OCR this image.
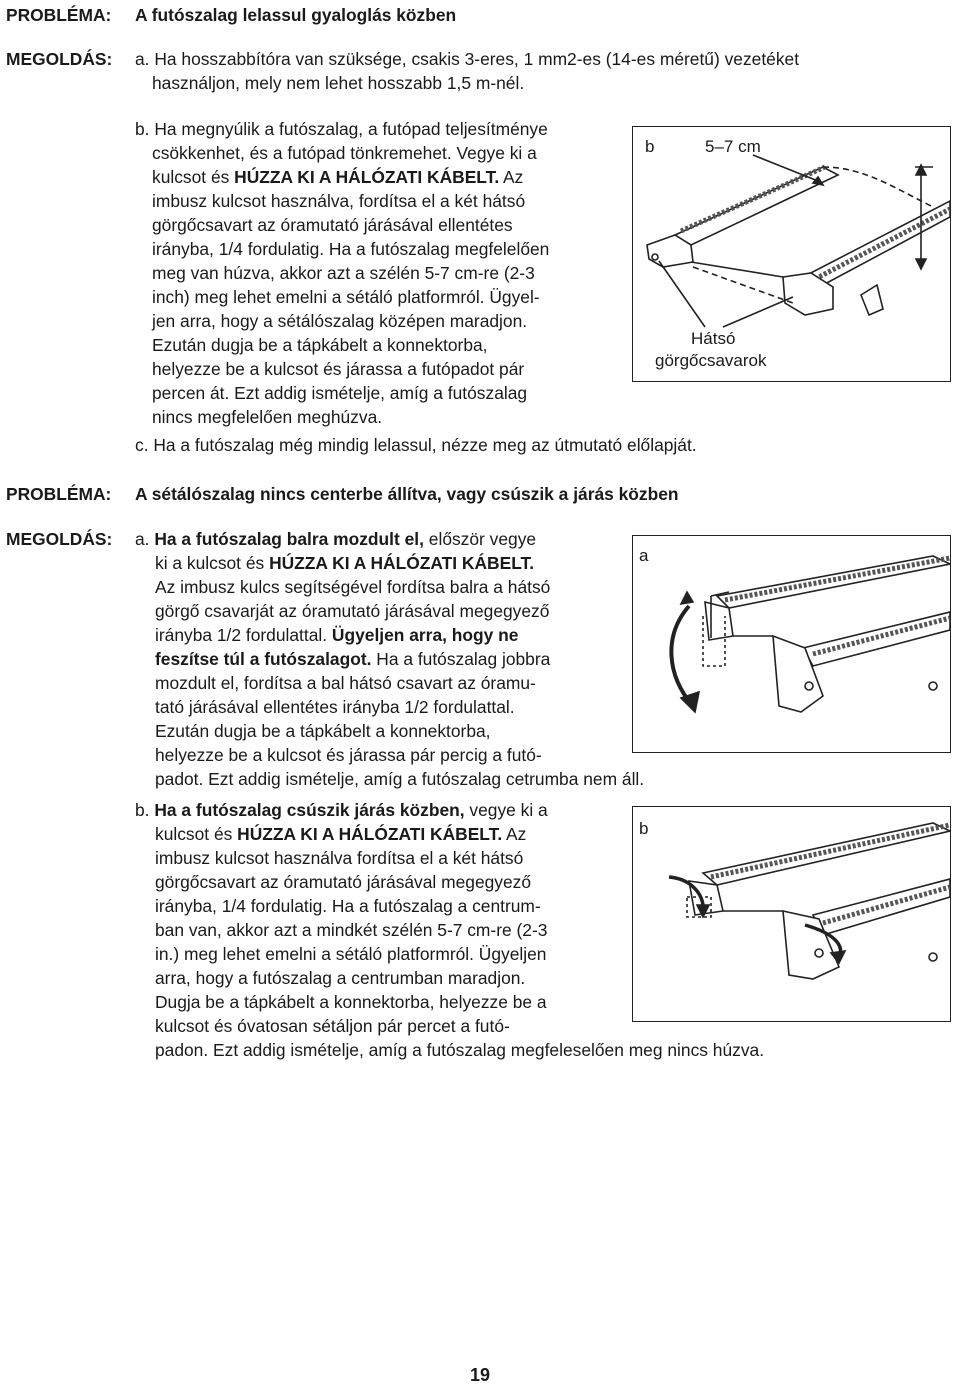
PROBLÉMA: A futószalag lelassul gyaloglás közben
MEGOLDÁS: a. Ha hosszabbítóra van szüksége, csakis 3-eres, 1 mm2-es (14-es méretű) vezetéket
használjon, mely nem lehet hosszabb 1,5 m-nél.
b. Ha megnyúlik a futószalag, a futópad teljesítménye
csökkenhet, és a futópad tönkremehet. Vegye ki a
kulcsot és HÚZZA KI A HÁLÓZATI KÁBELT. Az
imbusz kulcsot használva, fordítsa el a két hátsó
görgőcsavart az óramutató járásával ellentétes
irányba, 1/4 fordulatig. Ha a futószalag megfelelően
meg van húzva, akkor azt a szélén 5-7 cm-re (2-3
inch) meg lehet emelni a sétáló platformról. Ügyel-
jen arra, hogy a sétálószalag középen maradjon.
Ezután dugja be a tápkábelt a konnektorba,
helyezze be a kulcsot és járassa a futópadot pár
percen át. Ezt addig ismételje, amíg a futószalag
nincs megfelelően meghúzva.
b	5–7 cm
Hátsó
görgőcsavarok
c. Ha a futószalag még mindig lelassul, nézze meg az útmutató előlapját.
PROBLÉMA: A sétálószalag nincs centerbe állítva, vagy csúszik a járás közben
MEGOLDÁS: a. Ha a futószalag balra mozdult el, először vegye
ki a kulcsot és HÚZZA KI A HÁLÓZATI KÁBELT.
Az imbusz kulcs segítségével fordítsa balra a hátsó
görgő csavarját az óramutató járásával megegyező
irányba 1/2 fordulattal. Ügyeljen arra, hogy ne
feszítse túl a futószalagot. Ha a futószalag jobbra
mozdult el, fordítsa a bal hátsó csavart az óramu-
tató járásával ellentétes irányba 1/2 fordulattal.
Ezután dugja be a tápkábelt a konnektorba,
helyezze be a kulcsot és járassa pár percig a futó-
padot. Ezt addig ismételje, amíg a futószalag cetrumba nem áll.
a
b. Ha a futószalag csúszik járás közben, vegye ki a
kulcsot és HÚZZA KI A HÁLÓZATI KÁBELT. Az
imbusz kulcsot használva fordítsa el a két hátsó
görgőcsavart az óramutató járásával megegyező
irányba, 1/4 fordulatig. Ha a futószalag a centrum-
ban van, akkor azt a mindkét szélén 5-7 cm-re (2-3
in.) meg lehet emelni a sétáló platformról. Ügyeljen
arra, hogy a futószalag a centrumban maradjon.
Dugja be a tápkábelt a konnektorba, helyezze be a
kulcsot és óvatosan sétáljon pár percet a futó-
padon. Ezt addig ismételje, amíg a futószalag megfeleselően meg nincs húzva.
b
19
